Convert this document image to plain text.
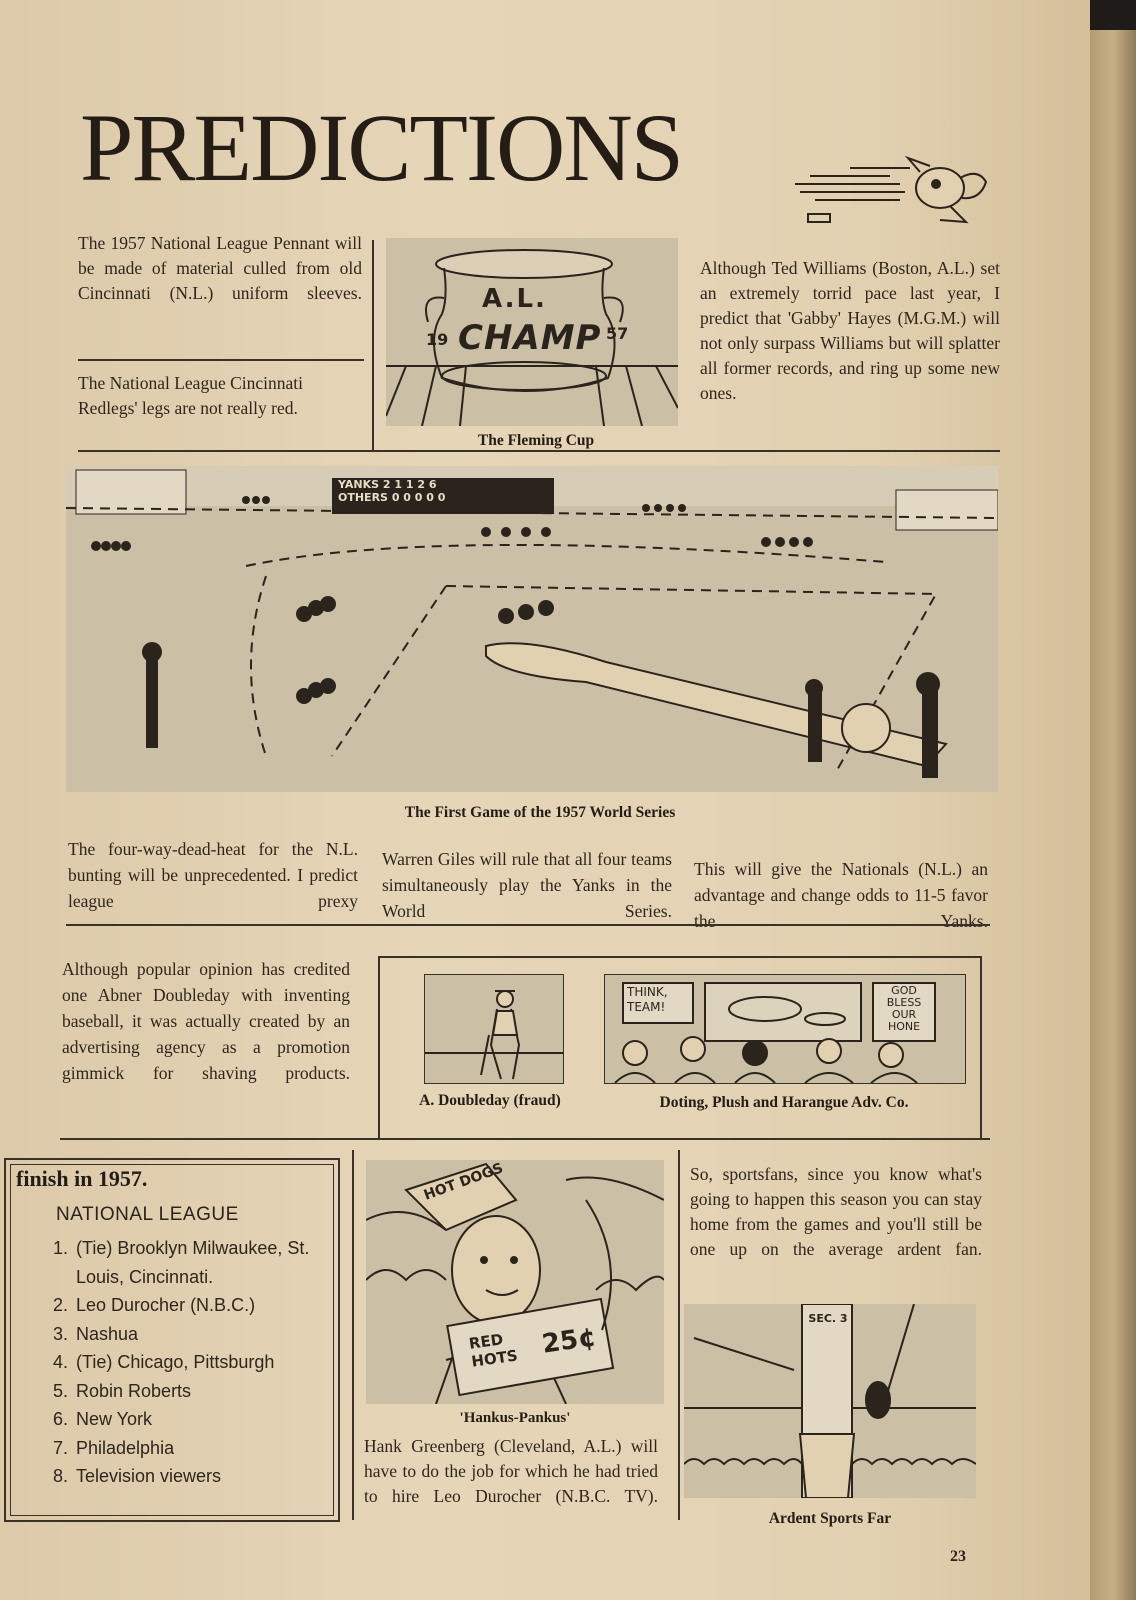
PREDICTIONS

The 1957 National League Pennant will be made of material culled from old Cincinnati (N.L.) uniform sleeves.

The National League Cincinnati Redlegs' legs are not really red.

A.L.
CHAMP
19	57
The Fleming Cup

Although Ted Williams (Boston, A.L.) set an extremely torrid pace last year, I predict that 'Gabby' Hayes (M.G.M.) will not only surpass Williams but will splatter all former records, and ring up some new ones.

YANKS 2 1 1 2 6
OTHERS 0 0 0 0 0
The First Game of the 1957 World Series

The four-way-dead-heat for the N.L. bunting will be unprecedented. I predict league prexy

Warren Giles will rule that all four teams simultaneously play the Yanks in the World Series.

This will give the Nationals (N.L.) an advantage and change odds to 11-5 favor the Yanks.

Although popular opinion has credited one Abner Doubleday with inventing baseball, it was actually created by an advertising agency as a promotion gimmick for shaving products.

THINK, TEAM!
GOD BLESS OUR HONE
A. Doubleday (fraud)	Doting, Plush and Harangue Adv. Co.
finish in 1957.
NATIONAL LEAGUE
1. (Tie) Brooklyn Milwaukee, St. Louis, Cincinnati.
2. Leo Durocher (N.B.C.)
3. Nashua
4. (Tie) Chicago, Pittsburgh
5. Robin Roberts
6. New York
7. Philadelphia
8. Television viewers
HOT DOGS
RED HOTS 25¢
'Hankus-Pankus'

Hank Greenberg (Cleveland, A.L.) will have to do the job for which he had tried to hire Leo Durocher (N.B.C. TV).

So, sportsfans, since you know what's going to happen this season you can stay home from the games and you'll still be one up on the average ardent fan.

SEC. 3
Ardent Sports Far
23
